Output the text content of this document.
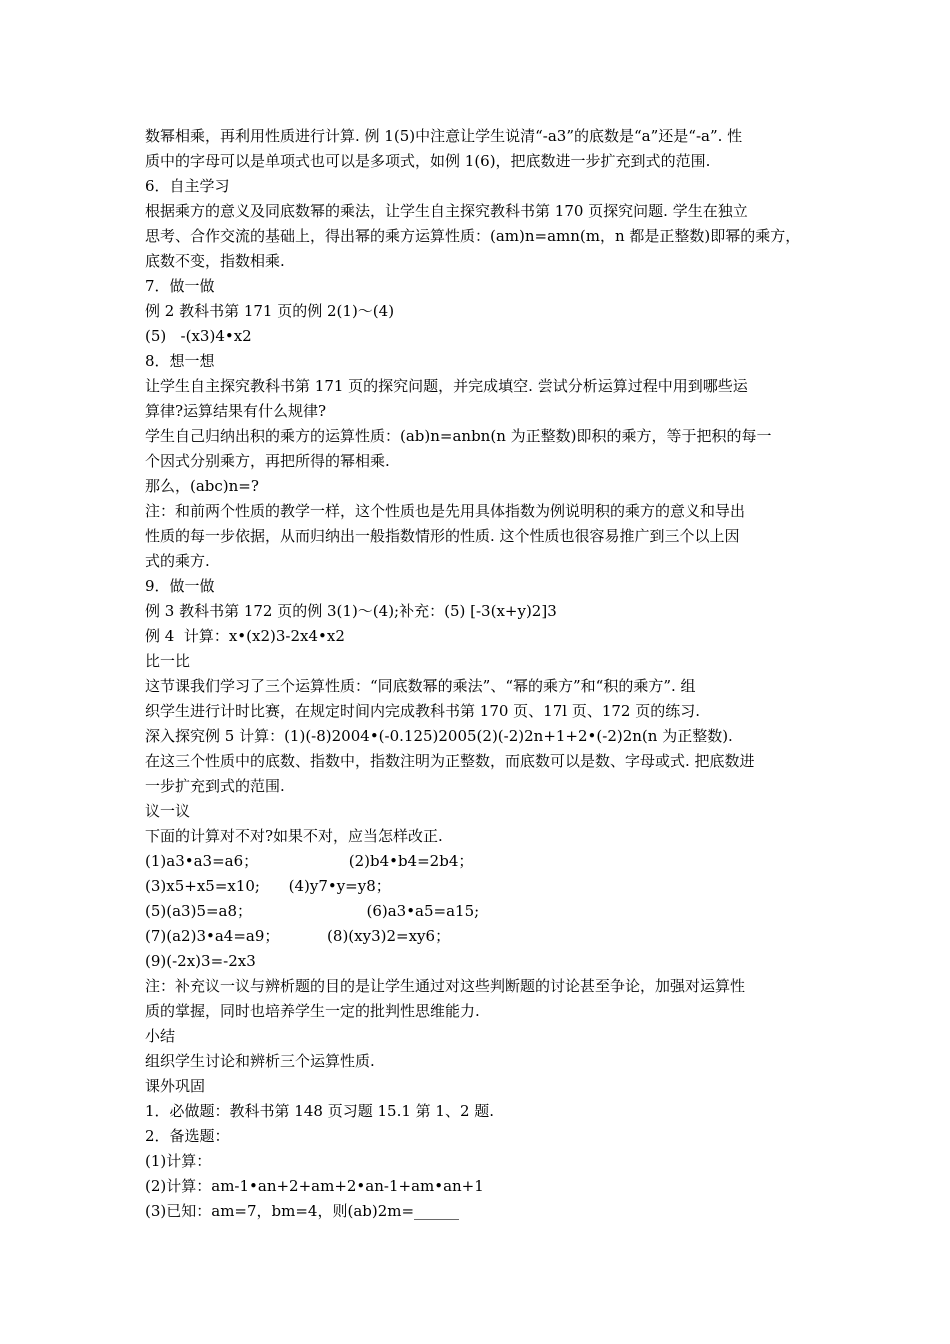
数幂相乘，再利用性质进行计算. 例 1(5)中注意让学生说清“-a3”的底数是“a”还是“-a”. 性
质中的字母可以是单项式也可以是多项式，如例 1(6)，把底数进一步扩充到式的范围.
6．自主学习
根据乘方的意义及同底数幂的乘法，让学生自主探究教科书第 170 页探究问题. 学生在独立
思考、合作交流的基础上，得出幂的乘方运算性质：(am)n=amn(m，n 都是正整数)即幂的乘方，
底数不变，指数相乘.
7．做一做
例 2 教科书第 171 页的例 2(1)～(4)
(5)   -(x3)4•x2
8．想一想
让学生自主探究教科书第 171 页的探究问题，并完成填空. 尝试分析运算过程中用到哪些运
算律?运算结果有什么规律?
学生自己归纳出积的乘方的运算性质：(ab)n=anbn(n 为正整数)即积的乘方，等于把积的每一
个因式分别乘方，再把所得的幂相乘.
那么，(abc)n=?
注：和前两个性质的教学一样，这个性质也是先用具体指数为例说明积的乘方的意义和导出
性质的每一步依据，从而归纳出一般指数情形的性质. 这个性质也很容易推广到三个以上因
式的乘方.
9．做一做
例 3 教科书第 172 页的例 3(1)～(4);补充：(5) [-3(x+y)2]3
例 4  计算：x•(x2)3-2x4•x2
比一比
这节课我们学习了三个运算性质：“同底数幂的乘法”、“幂的乘方”和“积的乘方”. 组
织学生进行计时比赛，在规定时间内完成教科书第 170 页、17l 页、172 页的练习.
深入探究例 5 计算：(1)(-8)2004•(-0.125)2005(2)(-2)2n+1+2•(-2)2n(n 为正整数).
在这三个性质中的底数、指数中，指数注明为正整数，而底数可以是数、字母或式. 把底数进
一步扩充到式的范围.
议一议
下面的计算对不对?如果不对，应当怎样改正.
(1)a3•a3=a6；                   (2)b4•b4=2b4；
(3)x5+x5=x10;      (4)y7•y=y8；
(5)(a3)5=a8；                        (6)a3•a5=a15;
(7)(a2)3•a4=a9；          (8)(xy3)2=xy6；
(9)(-2x)3=-2x3
注：补充议一议与辨析题的目的是让学生通过对这些判断题的讨论甚至争论，加强对运算性
质的掌握，同时也培养学生一定的批判性思维能力.
小结
组织学生讨论和辨析三个运算性质.
课外巩固
1．必做题：教科书第 148 页习题 15.1 第 1、2 题.
2．备选题：
(1)计算：
(2)计算：am-1•an+2+am+2•an-1+am•an+1
(3)已知：am=7，bm=4，则(ab)2m=______
